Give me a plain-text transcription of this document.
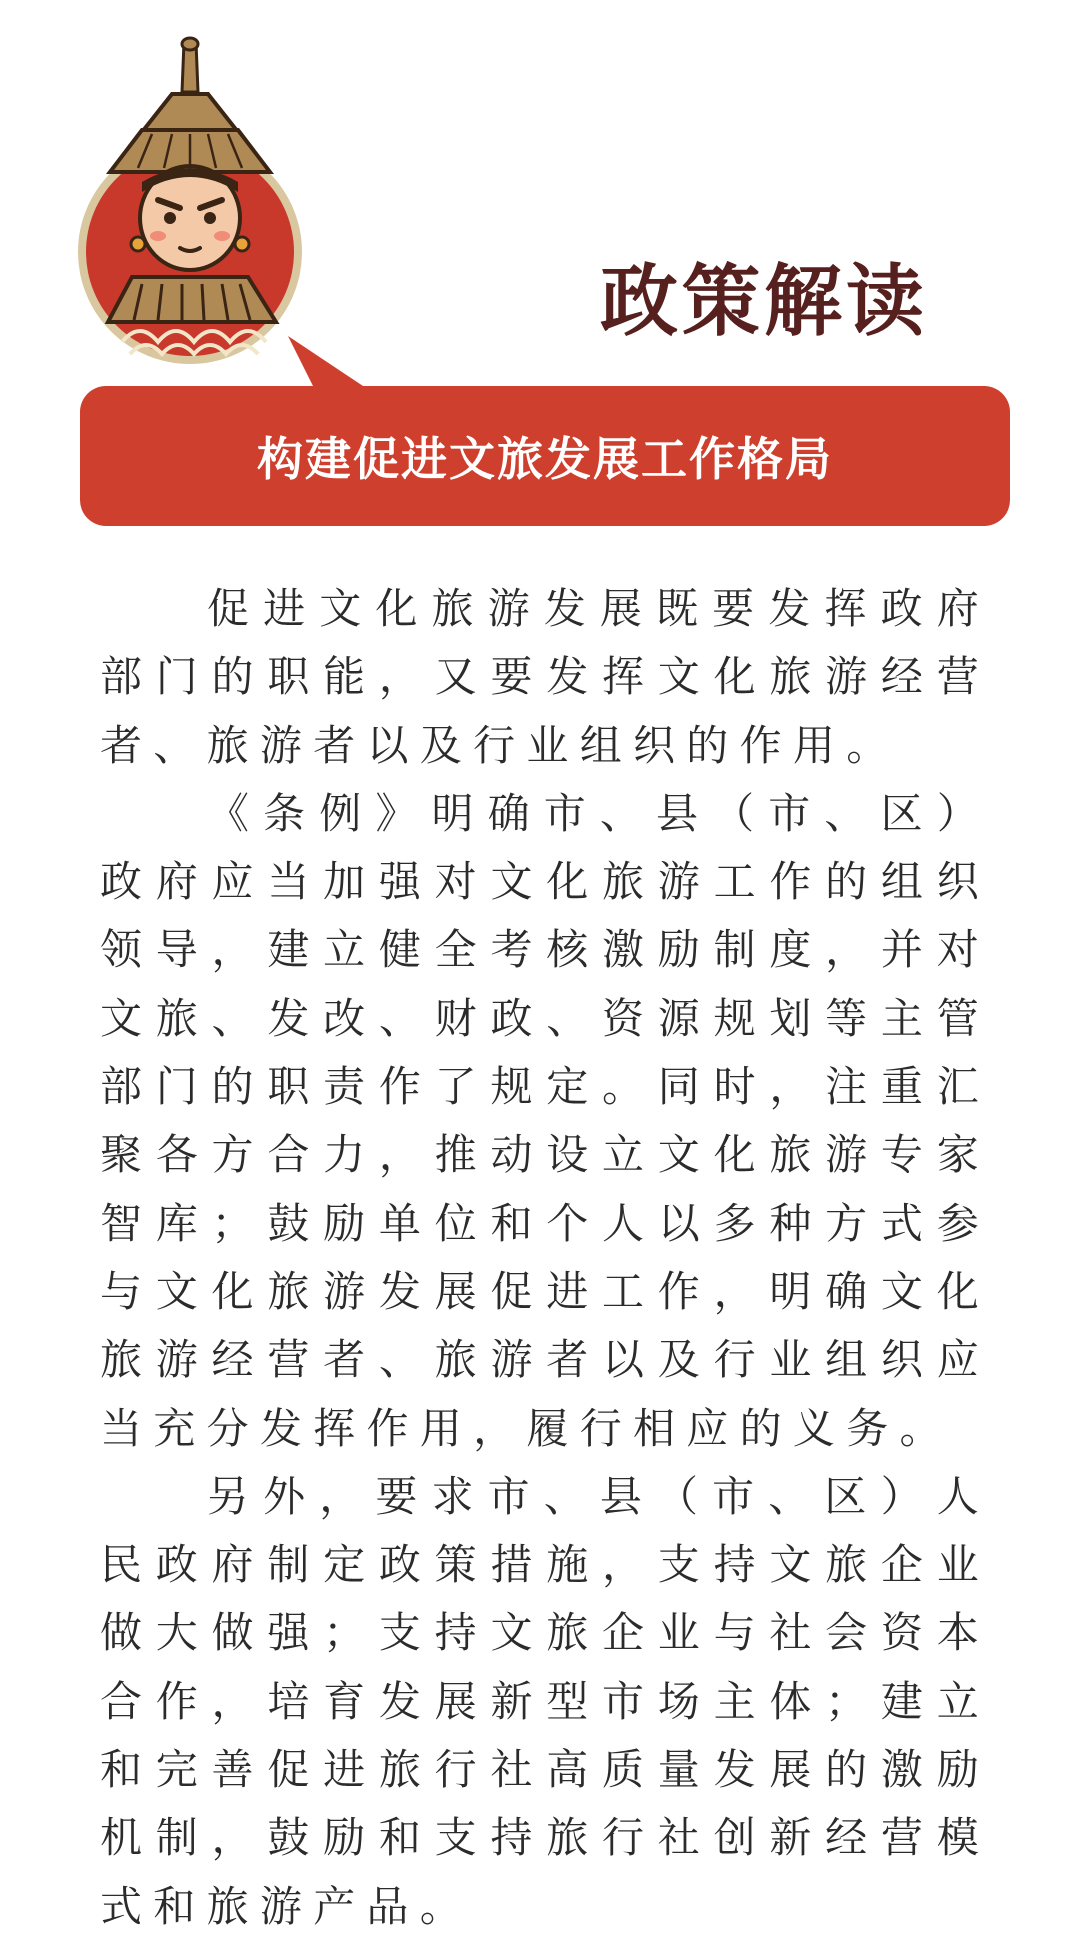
政策解读
构建促进文旅发展工作格局

促进文化旅游发展既要发挥政府部门的职能，又要发挥文化旅游经营者、旅游者以及行业组织的作用。

《条例》明确市、县（市、区）政府应当加强对文化旅游工作的组织领导，建立健全考核激励制度，并对文旅、发改、财政、资源规划等主管部门的职责作了规定。同时，注重汇聚各方合力，推动设立文化旅游专家智库；鼓励单位和个人以多种方式参与文化旅游发展促进工作，明确文化旅游经营者、旅游者以及行业组织应当充分发挥作用，履行相应的义务。

另外，要求市、县（市、区）人民政府制定政策措施，支持文旅企业做大做强；支持文旅企业与社会资本合作，培育发展新型市场主体；建立和完善促进旅行社高质量发展的激励机制，鼓励和支持旅行社创新经营模式和旅游产品。
